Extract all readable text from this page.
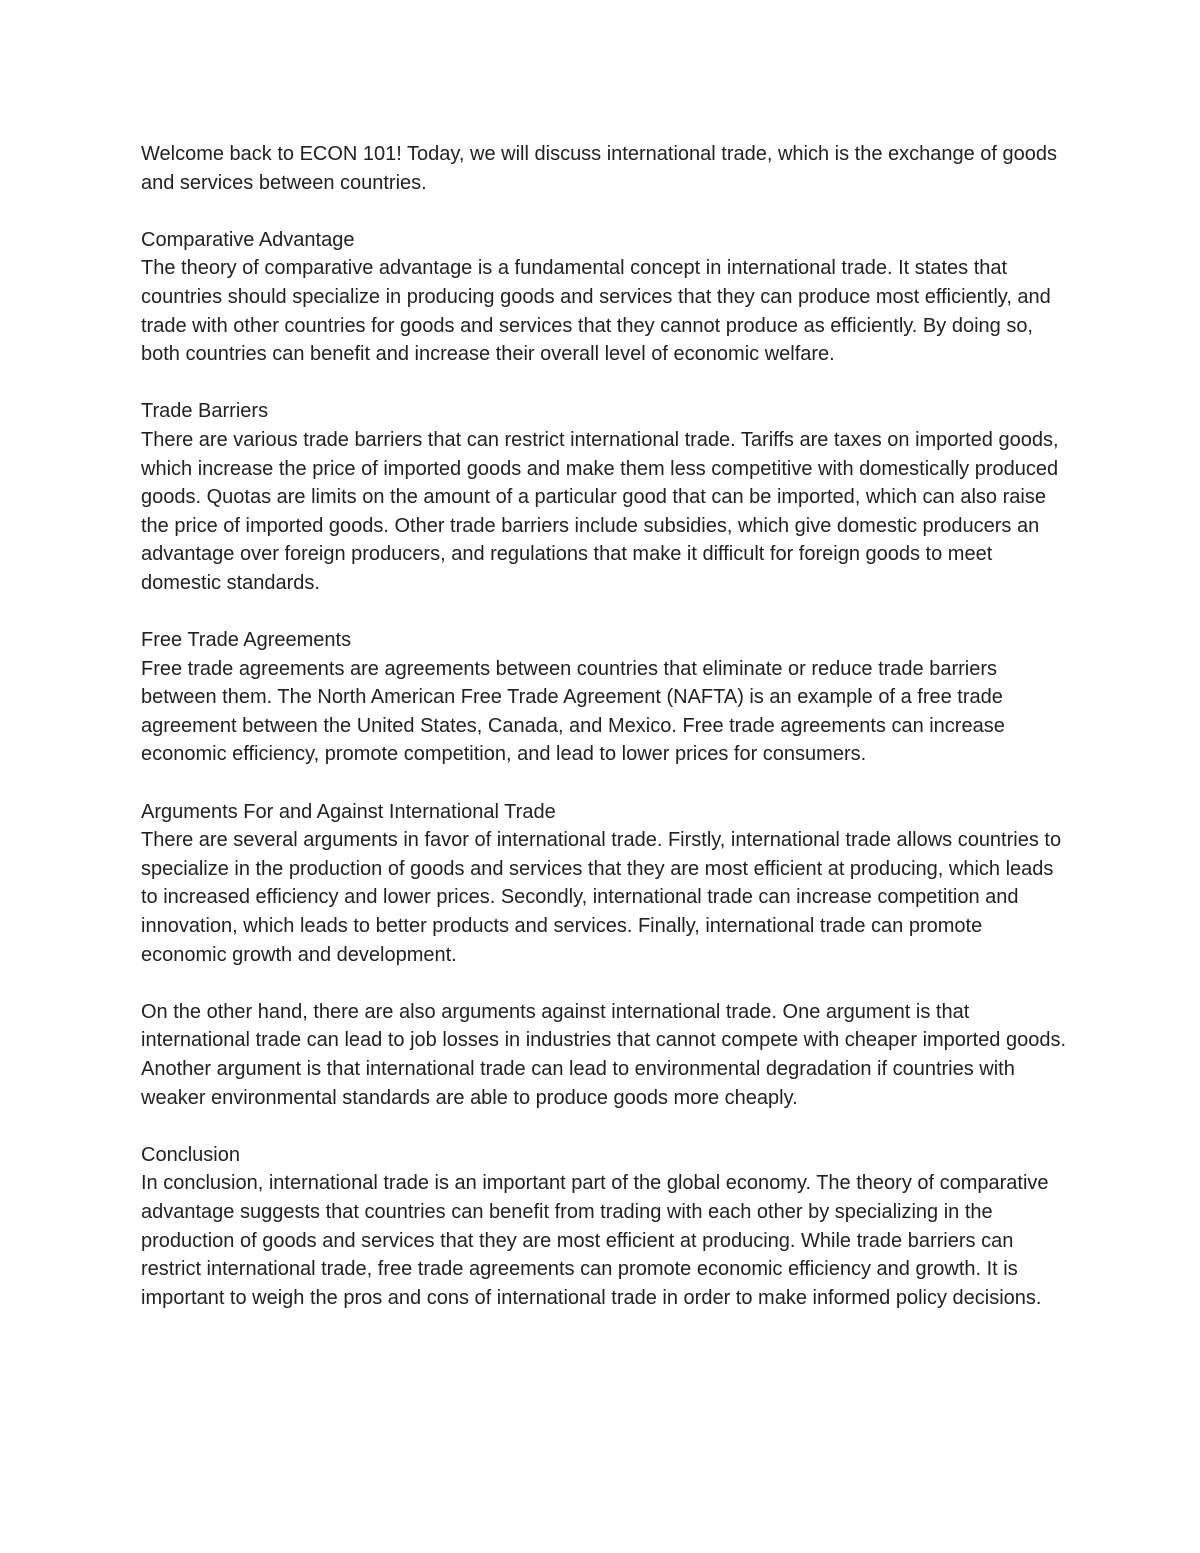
Welcome back to ECON 101! Today, we will discuss international trade, which is the exchange of goods and services between countries.

Comparative Advantage

The theory of comparative advantage is a fundamental concept in international trade. It states that countries should specialize in producing goods and services that they can produce most efficiently, and trade with other countries for goods and services that they cannot produce as efficiently. By doing so, both countries can benefit and increase their overall level of economic welfare.

Trade Barriers

There are various trade barriers that can restrict international trade. Tariffs are taxes on imported goods, which increase the price of imported goods and make them less competitive with domestically produced goods. Quotas are limits on the amount of a particular good that can be imported, which can also raise the price of imported goods. Other trade barriers include subsidies, which give domestic producers an advantage over foreign producers, and regulations that make it difficult for foreign goods to meet domestic standards.

Free Trade Agreements

Free trade agreements are agreements between countries that eliminate or reduce trade barriers between them. The North American Free Trade Agreement (NAFTA) is an example of a free trade agreement between the United States, Canada, and Mexico. Free trade agreements can increase economic efficiency, promote competition, and lead to lower prices for consumers.

Arguments For and Against International Trade

There are several arguments in favor of international trade. Firstly, international trade allows countries to specialize in the production of goods and services that they are most efficient at producing, which leads to increased efficiency and lower prices. Secondly, international trade can increase competition and innovation, which leads to better products and services. Finally, international trade can promote economic growth and development.

On the other hand, there are also arguments against international trade. One argument is that international trade can lead to job losses in industries that cannot compete with cheaper imported goods. Another argument is that international trade can lead to environmental degradation if countries with weaker environmental standards are able to produce goods more cheaply.

Conclusion

In conclusion, international trade is an important part of the global economy. The theory of comparative advantage suggests that countries can benefit from trading with each other by specializing in the production of goods and services that they are most efficient at producing. While trade barriers can restrict international trade, free trade agreements can promote economic efficiency and growth. It is important to weigh the pros and cons of international trade in order to make informed policy decisions.
